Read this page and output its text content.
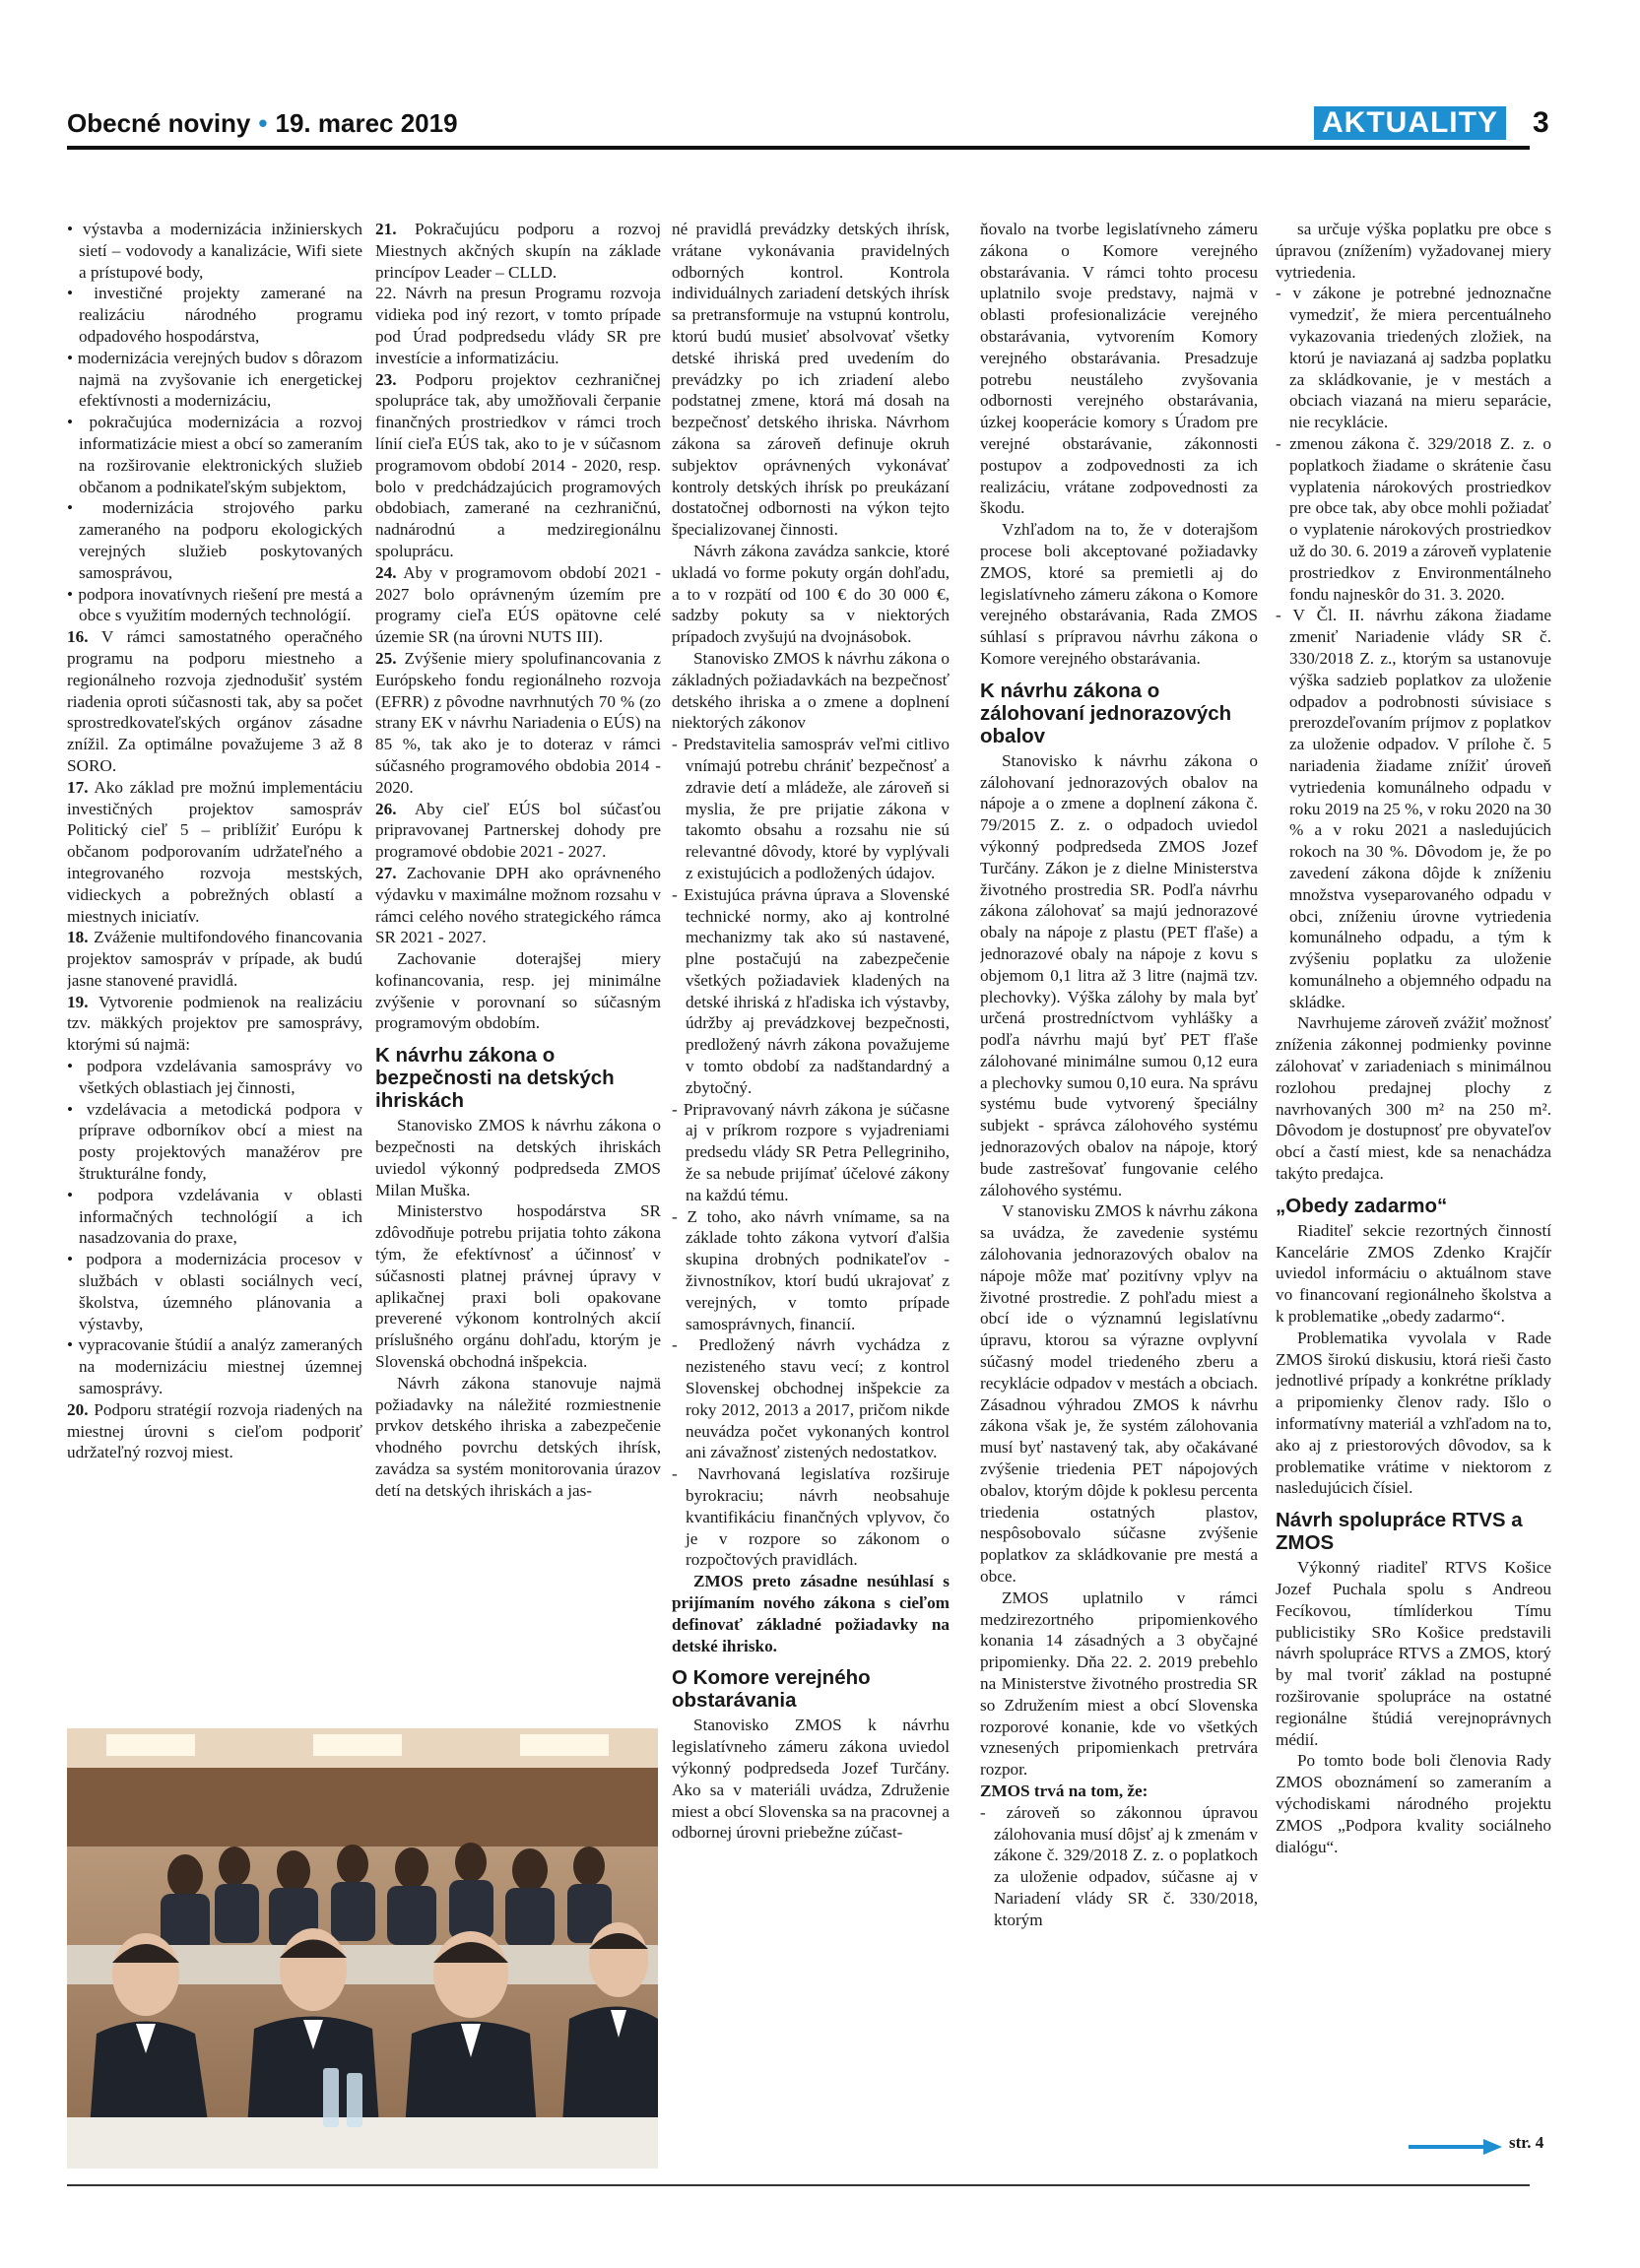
Obecné noviny • 19. marec 2019	AKTUALITY 3

• výstavba a modernizácia inžinierskych sietí – vodovody a kanalizácie, Wifi siete a prístupové body,

• investičné projekty zamerané na realizáciu národného programu odpadového hospodárstva,

• modernizácia verejných budov s dôrazom najmä na zvyšovanie ich energetickej efektívnosti a modernizáciu,

• pokračujúca modernizácia a rozvoj informatizácie miest a obcí so zameraním na rozširovanie elektronických služieb občanom a podnikateľským subjektom,

• modernizácia strojového parku zameraného na podporu ekologických verejných služieb poskytovaných samosprávou,

• podpora inovatívnych riešení pre mestá a obce s využitím moderných technológií.

16. V rámci samostatného operačného programu na podporu miestneho a regionálneho rozvoja zjednodušiť systém riadenia oproti súčasnosti tak, aby sa počet sprostredkovateľských orgánov zásadne znížil. Za optimálne považujeme 3 až 8 SORO.

17. Ako základ pre možnú implementáciu investičných projektov samospráv Politický cieľ 5 – priblížiť Európu k občanom podporovaním udržateľného a integrovaného rozvoja mestských, vidieckych a pobrežných oblastí a miestnych iniciatív.

18. Zváženie multifondového financovania projektov samospráv v prípade, ak budú jasne stanovené pravidlá.

19. Vytvorenie podmienok na realizáciu tzv. mäkkých projektov pre samosprávy, ktorými sú najmä:

• podpora vzdelávania samosprávy vo všetkých oblastiach jej činnosti,

• vzdelávacia a metodická podpora v príprave odborníkov obcí a miest na posty projektových manažérov pre štrukturálne fondy,

• podpora vzdelávania v oblasti informačných technológií a ich nasadzovania do praxe,

• podpora a modernizácia procesov v službách v oblasti sociálnych vecí, školstva, územného plánovania a výstavby,

• vypracovanie štúdií a analýz zameraných na modernizáciu miestnej územnej samosprávy.

20. Podporu stratégií rozvoja riadených na miestnej úrovni s cieľom podporiť udržateľný rozvoj miest.

21. Pokračujúcu podporu a rozvoj Miestnych akčných skupín na základe princípov Leader – CLLD.

22. Návrh na presun Programu rozvoja vidieka pod iný rezort, v tomto prípade pod Úrad podpredsedu vlády SR pre investície a informatizáciu.

23. Podporu projektov cezhraničnej spolupráce tak, aby umožňovali čerpanie finančných prostriedkov v rámci troch línií cieľa EÚS tak, ako to je v súčasnom programovom období 2014 - 2020, resp. bolo v predchádzajúcich programových obdobiach, zamerané na cezhraničnú, nadnárodnú a medziregionálnu spoluprácu.

24. Aby v programovom období 2021 - 2027 bolo oprávneným územím pre programy cieľa EÚS opätovne celé územie SR (na úrovni NUTS III).

25. Zvýšenie miery spolufinancovania z Európskeho fondu regionálneho rozvoja (EFRR) z pôvodne navrhnutých 70 % (zo strany EK v návrhu Nariadenia o EÚS) na 85 %, tak ako je to doteraz v rámci súčasného programového obdobia 2014 - 2020.

26. Aby cieľ EÚS bol súčasťou pripravovanej Partnerskej dohody pre programové obdobie 2021 - 2027.

27. Zachovanie DPH ako oprávneného výdavku v maximálne možnom rozsahu v rámci celého nového strategického rámca SR 2021 - 2027.

Zachovanie doterajšej miery kofinancovania, resp. jej minimálne zvýšenie v porovnaní so súčasným programovým obdobím.

K návrhu zákona o bezpečnosti na detských ihriskách

Stanovisko ZMOS k návrhu zákona o bezpečnosti na detských ihriskách uviedol výkonný podpredseda ZMOS Milan Muška.

Ministerstvo hospodárstva SR zdôvodňuje potrebu prijatia tohto zákona tým, že efektívnosť a účinnosť v súčasnosti platnej právnej úpravy v aplikačnej praxi boli opakovane preverené výkonom kontrolných akcií príslušného orgánu dohľadu, ktorým je Slovenská obchodná inšpekcia.

Návrh zákona stanovuje najmä požiadavky na náležité rozmiestnenie prvkov detského ihriska a zabezpečenie vhodného povrchu detských ihrísk, zavádza sa systém monitorovania úrazov detí na detských ihriskách a jas-

né pravidlá prevádzky detských ihrísk, vrátane vykonávania pravidelných odborných kontrol. Kontrola individuálnych zariadení detských ihrísk sa pretransformuje na vstupnú kontrolu, ktorú budú musieť absolvovať všetky detské ihriská pred uvedením do prevádzky po ich zriadení alebo podstatnej zmene, ktorá má dosah na bezpečnosť detského ihriska. Návrhom zákona sa zároveň definuje okruh subjektov oprávnených vykonávať kontroly detských ihrísk po preukázaní dostatočnej odbornosti na výkon tejto špecializovanej činnosti.

Návrh zákona zavádza sankcie, ktoré ukladá vo forme pokuty orgán dohľadu, a to v rozpätí od 100 € do 30 000 €, sadzby pokuty sa v niektorých prípadoch zvyšujú na dvojnásobok.

Stanovisko ZMOS k návrhu zákona o základných požiadavkách na bezpečnosť detského ihriska a o zmene a doplnení niektorých zákonov

- Predstavitelia samospráv veľmi citlivo vnímajú potrebu chrániť bezpečnosť a zdravie detí a mládeže, ale zároveň si myslia, že pre prijatie zákona v takomto obsahu a rozsahu nie sú relevantné dôvody, ktoré by vyplývali z existujúcich a podložených údajov.

- Existujúca právna úprava a Slovenské technické normy, ako aj kontrolné mechanizmy tak ako sú nastavené, plne postačujú na zabezpečenie všetkých požiadaviek kladených na detské ihriská z hľadiska ich výstavby, údržby aj prevádzkovej bezpečnosti, predložený návrh zákona považujeme v tomto období za nadštandardný a zbytočný.

- Pripravovaný návrh zákona je súčasne aj v príkrom rozpore s vyjadreniami predsedu vlády SR Petra Pellegriniho, že sa nebude prijímať účelové zákony na každú tému.

- Z toho, ako návrh vnímame, sa na základe tohto zákona vytvorí ďalšia skupina drobných podnikateľov - živnostníkov, ktorí budú ukrajovať z verejných, v tomto prípade samosprávnych, financií.

- Predložený návrh vychádza z nezisteného stavu vecí; z kontrol Slovenskej obchodnej inšpekcie za roky 2012, 2013 a 2017, pričom nikde neuvádza počet vykonaných kontrol ani závažnosť zistených nedostatkov.

- Navrhovaná legislatíva rozširuje byrokraciu; návrh neobsahuje kvantifikáciu finančných vplyvov, čo je v rozpore so zákonom o rozpočtových pravidlách.

ZMOS preto zásadne nesúhlasí s prijímaním nového zákona s cieľom definovať základné požiadavky na detské ihrisko.

O Komore verejného obstarávania

Stanovisko ZMOS k návrhu legislatívneho zámeru zákona uviedol výkonný podpredseda Jozef Turčány. Ako sa v materiáli uvádza, Združenie miest a obcí Slovenska sa na pracovnej a odbornej úrovni priebežne zúčast-

ňovalo na tvorbe legislatívneho zámeru zákona o Komore verejného obstarávania. V rámci tohto procesu uplatnilo svoje predstavy, najmä v oblasti profesionalizácie verejného obstarávania, vytvorením Komory verejného obstarávania. Presadzuje potrebu neustáleho zvyšovania odbornosti verejného obstarávania, úzkej kooperácie komory s Úradom pre verejné obstarávanie, zákonnosti postupov a zodpovednosti za ich realizáciu, vrátane zodpovednosti za škodu.

Vzhľadom na to, že v doterajšom procese boli akceptované požiadavky ZMOS, ktoré sa premietli aj do legislatívneho zámeru zákona o Komore verejného obstarávania, Rada ZMOS súhlasí s prípravou návrhu zákona o Komore verejného obstarávania.

K návrhu zákona o zálohovaní jednorazových obalov

Stanovisko k návrhu zákona o zálohovaní jednorazových obalov na nápoje a o zmene a doplnení zákona č. 79/2015 Z. z. o odpadoch uviedol výkonný podpredseda ZMOS Jozef Turčány. Zákon je z dielne Ministerstva životného prostredia SR. Podľa návrhu zákona zálohovať sa majú jednorazové obaly na nápoje z plastu (PET fľaše) a jednorazové obaly na nápoje z kovu s objemom 0,1 litra až 3 litre (najmä tzv. plechovky). Výška zálohy by mala byť určená prostredníctvom vyhlášky a podľa návrhu majú byť PET fľaše zálohované minimálne sumou 0,12 eura a plechovky sumou 0,10 eura. Na správu systému bude vytvorený špeciálny subjekt - správca zálohového systému jednorazových obalov na nápoje, ktorý bude zastrešovať fungovanie celého zálohového systému.

V stanovisku ZMOS k návrhu zákona sa uvádza, že zavedenie systému zálohovania jednorazových obalov na nápoje môže mať pozitívny vplyv na životné prostredie. Z pohľadu miest a obcí ide o významnú legislatívnu úpravu, ktorou sa výrazne ovplyvní súčasný model triedeného zberu a recyklácie odpadov v mestách a obciach. Zásadnou výhradou ZMOS k návrhu zákona však je, že systém zálohovania musí byť nastavený tak, aby očakávané zvýšenie triedenia PET nápojových obalov, ktorým dôjde k poklesu percenta triedenia ostatných plastov, nespôsobovalo súčasne zvýšenie poplatkov za skládkovanie pre mestá a obce.

ZMOS uplatnilo v rámci medzirezortného pripomienkového konania 14 zásadných a 3 obyčajné pripomienky. Dňa 22. 2. 2019 prebehlo na Ministerstve životného prostredia SR so Združením miest a obcí Slovenska rozporové konanie, kde vo všetkých vznesených pripomienkach pretrvára rozpor.

ZMOS trvá na tom, že:

- zároveň so zákonnou úpravou zálohovania musí dôjsť aj k zmenám v zákone č. 329/2018 Z. z. o poplatkoch za uloženie odpadov, súčasne aj v Nariadení vlády SR č. 330/2018, ktorým

sa určuje výška poplatku pre obce s úpravou (znížením) vyžadovanej miery vytriedenia.

- v zákone je potrebné jednoznačne vymedziť, že miera percentuálneho vykazovania triedených zložiek, na ktorú je naviazaná aj sadzba poplatku za skládkovanie, je v mestách a obciach viazaná na mieru separácie, nie recyklácie.

- zmenou zákona č. 329/2018 Z. z. o poplatkoch žiadame o skrátenie času vyplatenia nárokových prostriedkov pre obce tak, aby obce mohli požiadať o vyplatenie nárokových prostriedkov už do 30. 6. 2019 a zároveň vyplatenie prostriedkov z Environmentálneho fondu najneskôr do 31. 3. 2020.

- V Čl. II. návrhu zákona žiadame zmeniť Nariadenie vlády SR č. 330/2018 Z. z., ktorým sa ustanovuje výška sadzieb poplatkov za uloženie odpadov a podrobnosti súvisiace s prerozdeľovaním príjmov z poplatkov za uloženie odpadov. V prílohe č. 5 nariadenia žiadame znížiť úroveň vytriedenia komunálneho odpadu v roku 2019 na 25 %, v roku 2020 na 30 % a v roku 2021 a nasledujúcich rokoch na 30 %. Dôvodom je, že po zavedení zákona dôjde k zníženiu množstva vyseparovaného odpadu v obci, zníženiu úrovne vytriedenia komunálneho odpadu, a tým k zvýšeniu poplatku za uloženie komunálneho a objemného odpadu na skládke.

Navrhujeme zároveň zvážiť možnosť zníženia zákonnej podmienky povinne zálohovať v zariadeniach s minimálnou rozlohou predajnej plochy z navrhovaných 300 m² na 250 m². Dôvodom je dostupnosť pre obyvateľov obcí a častí miest, kde sa nenachádza takýto predajca.

„Obedy zadarmo“

Riaditeľ sekcie rezortných činností Kancelárie ZMOS Zdenko Krajčír uviedol informáciu o aktuálnom stave vo financovaní regionálneho školstva a k problematike „obedy zadarmo“.

Problematika vyvolala v Rade ZMOS širokú diskusiu, ktorá rieši často jednotlivé prípady a konkrétne príklady a pripomienky členov rady. Išlo o informatívny materiál a vzhľadom na to, ako aj z priestorových dôvodov, sa k problematike vrátime v niektorom z nasledujúcich čísiel.

Návrh spolupráce RTVS a ZMOS

Výkonný riaditeľ RTVS Košice Jozef Puchala spolu s Andreou Fecíkovou, tímlíderkou Tímu publicistiky SRo Košice predstavili návrh spolupráce RTVS a ZMOS, ktorý by mal tvoriť základ na postupné rozširovanie spolupráce na ostatné regionálne štúdiá verejnoprávnych médií.

Po tomto bode boli členovia Rady ZMOS oboznámení so zameraním a východiskami národného projektu ZMOS „Podpora kvality sociálneho dialógu“.

str. 4
